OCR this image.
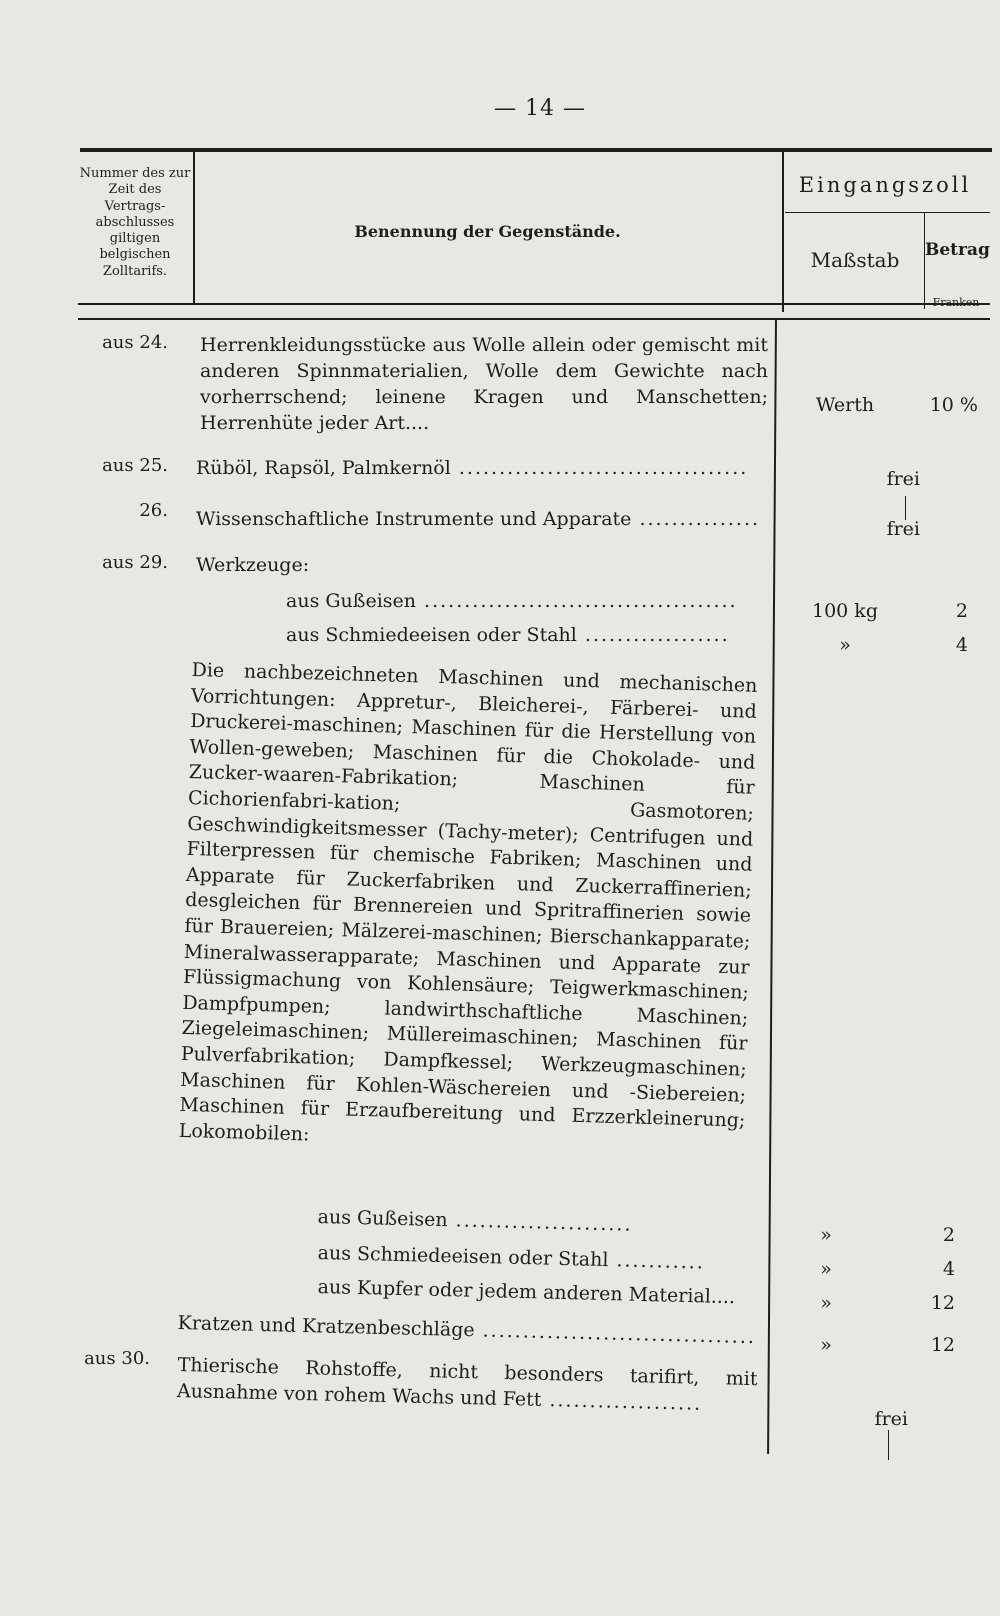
— 14 —
Nummer des zur Zeit des Vertrags-abschlusses giltigen belgischen Zolltarifs.
Benennung der Gegenstände.
Eingangszoll
Maßstab	Betrag
Franken
aus 24. Herrenkleidungsstücke aus Wolle allein oder gemischt mit anderen Spinnmaterialien, Wolle dem Gewichte nach vorherrschend; leinene Kragen und Manschetten; Herrenhüte jeder Art....
Werth	10 %
aus 25. Rüböl, Rapsöl, Palmkernöl ....................................	frei
26. Wissenschaftliche Instrumente und Apparate ...............	frei
aus 29. Werkzeuge:
aus Gußeisen .......................................	100 kg	2
aus Schmiedeeisen oder Stahl ..................	»	4
Die nachbezeichneten Maschinen und mechanischen Vorrichtungen: Appretur-, Bleicherei-, Färberei- und Druckerei-maschinen; Maschinen für die Herstellung von Wollen-geweben; Maschinen für die Chokolade- und Zucker-waaren-Fabrikation; Maschinen für Cichorienfabri-kation; Gasmotoren; Geschwindigkeitsmesser (Tachy-meter); Centrifugen und Filterpressen für chemische Fabriken; Maschinen und Apparate für Zuckerfabriken und Zuckerraffinerien; desgleichen für Brennereien und Spritraffinerien sowie für Brauereien; Mälzerei-maschinen; Bierschankapparate; Mineralwasserapparate; Maschinen und Apparate zur Flüssigmachung von Kohlensäure; Teigwerkmaschinen; Dampfpumpen; landwirthschaftliche Maschinen; Ziegeleimaschinen; Müllereimaschinen; Maschinen für Pulverfabrikation; Dampfkessel; Werkzeugmaschinen; Maschinen für Kohlen-Wäschereien und -Siebereien; Maschinen für Erzaufbereitung und Erzzerkleinerung; Lokomobilen:
aus Gußeisen ......................	»	2
aus Schmiedeeisen oder Stahl ...........	»	4
aus Kupfer oder jedem anderen Material....	»	12
Kratzen und Kratzenbeschläge ..................................	»	12
aus 30. Thierische Rohstoffe, nicht besonders tarifirt, mit Ausnahme von rohem Wachs und Fett ...................
frei
